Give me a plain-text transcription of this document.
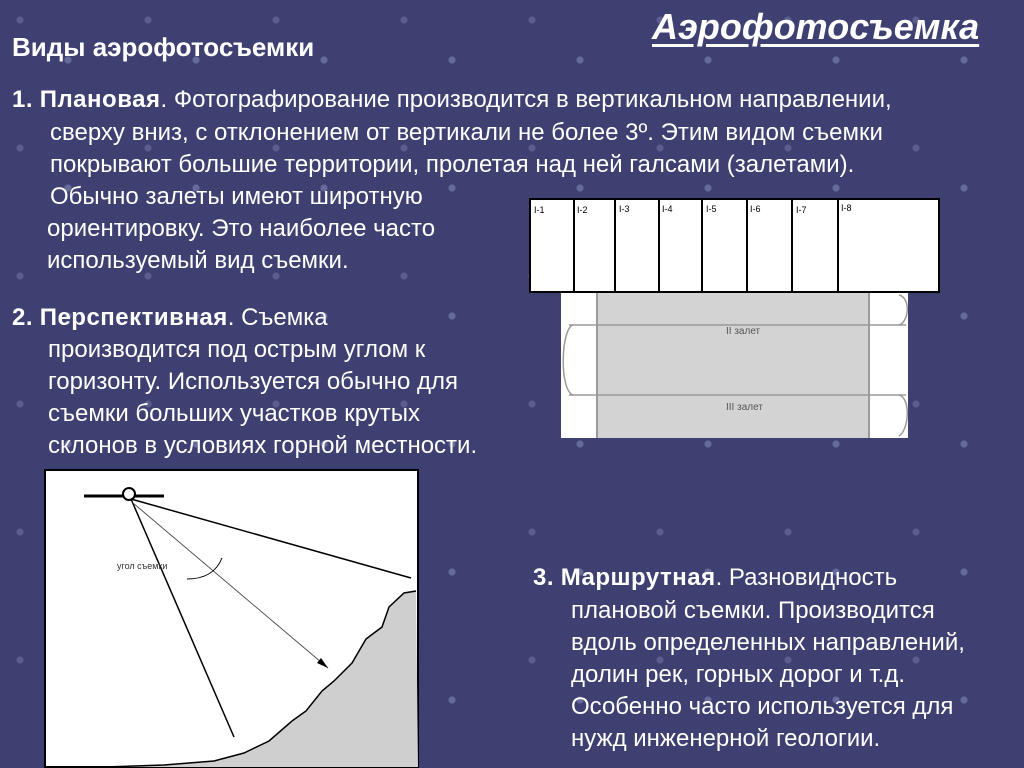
Аэрофотосъемка
Виды аэрофотосъемки
1. Плановая. Фотографирование производится в вертикальном направлении,
сверху вниз, с отклонением от вертикали не более 3º. Этим видом съемки
покрывают большие территории, пролетая над ней галсами (залетами).
Обычно залеты имеют широтную
ориентировку. Это наиболее часто
используемый вид съемки.
2. Перспективная. Съемка
производится под острым углом к
горизонту. Используется обычно для
съемки больших участков крутых
склонов в условиях горной местности.
3. Маршрутная. Разновидность
плановой съемки. Производится
вдоль определенных направлений,
долин рек, горных дорог и т.д.
Особенно часто используется для
нужд инженерной геологии.
II залет
III залет
I-1	I-2	I-3	I-4	I-5	I-6	I-7	I-8
угол съемки
